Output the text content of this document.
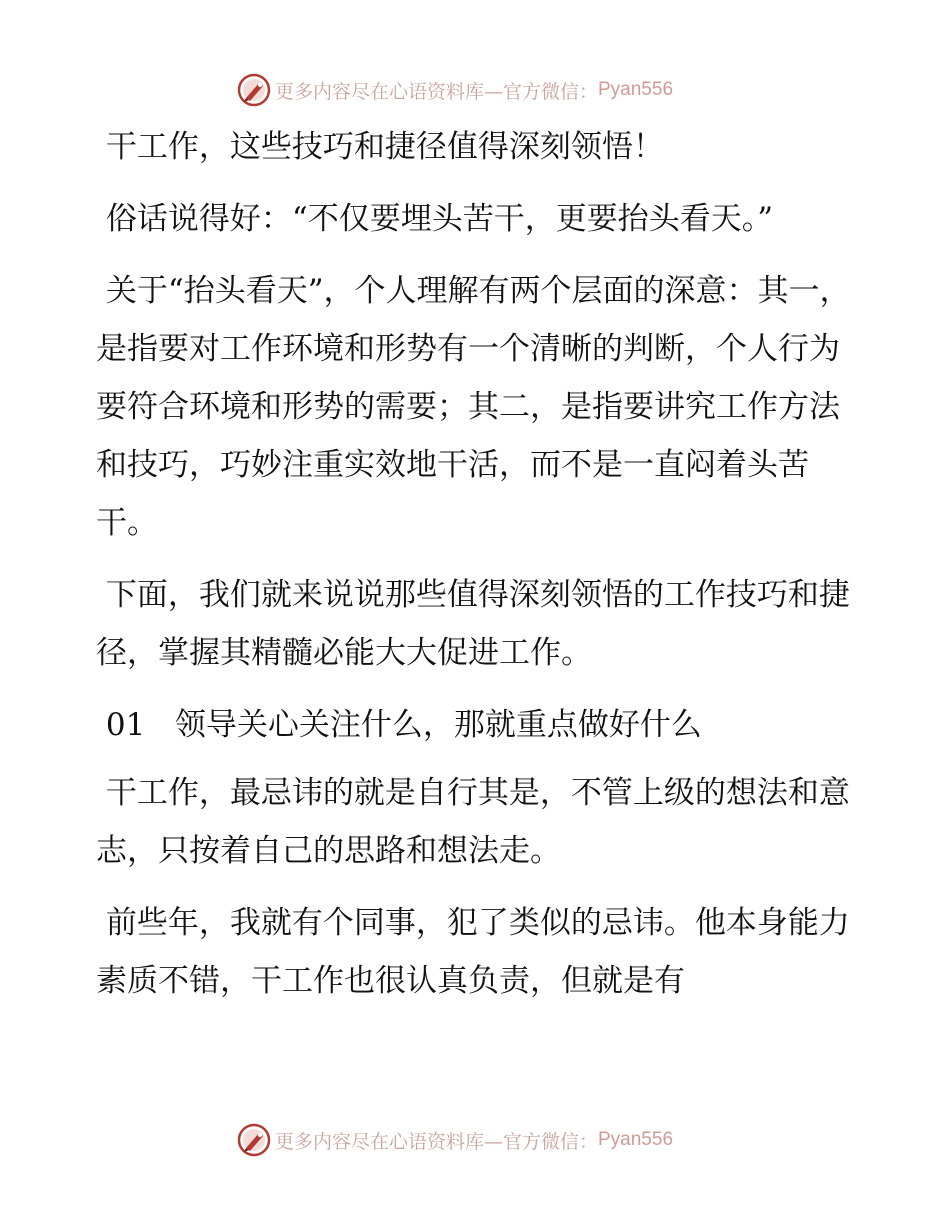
更多内容尽在心语资料库—官方微信： Pyan556

干工作，这些技巧和捷径值得深刻领悟！

俗话说得好：“不仅要埋头苦干，更要抬头看天。”

关于“抬头看天”，个人理解有两个层面的深意：其一，是指要对工作环境和形势有一个清晰的判断，个人行为要符合环境和形势的需要；其二，是指要讲究工作方法和技巧，巧妙注重实效地干活，而不是一直闷着头苦干。

下面，我们就来说说那些值得深刻领悟的工作技巧和捷径，掌握其精髓必能大大促进工作。

01   领导关心关注什么，那就重点做好什么

干工作，最忌讳的就是自行其是，不管上级的想法和意志，只按着自己的思路和想法走。

前些年，我就有个同事，犯了类似的忌讳。他本身能力素质不错，干工作也很认真负责，但就是有

更多内容尽在心语资料库—官方微信： Pyan556
